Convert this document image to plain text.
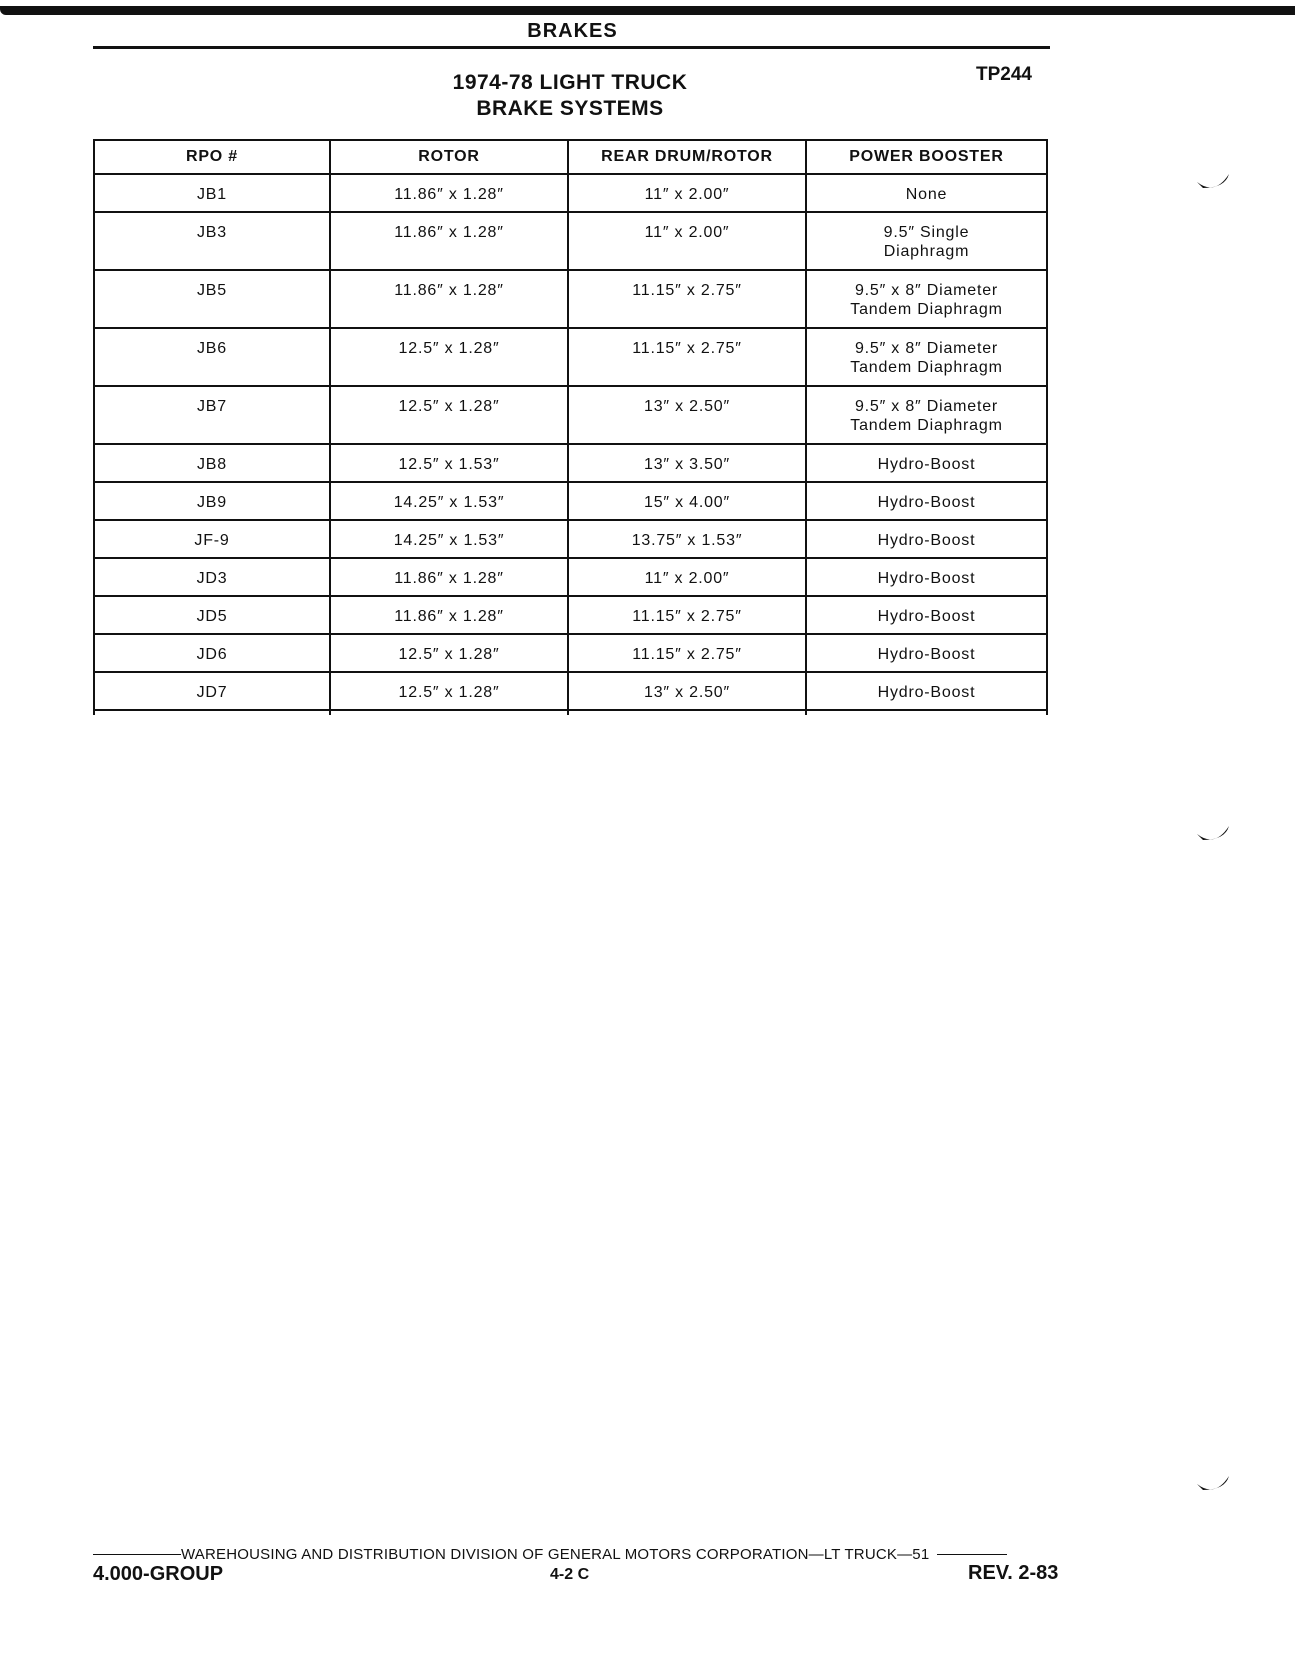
BRAKES
1974-78 LIGHT TRUCK
BRAKE SYSTEMS
TP244
RPO #	ROTOR	REAR DRUM/ROTOR	POWER BOOSTER
JB1	11.86″ x 1.28″	11″ x 2.00″	None

JB3	11.86″ x 1.28″	11″ x 2.00″	9.5″ Single
Diaphragm

JB5	11.86″ x 1.28″	11.15″ x 2.75″	9.5″ x 8″ Diameter
Tandem Diaphragm

JB6	12.5″ x 1.28″	11.15″ x 2.75″	9.5″ x 8″ Diameter
Tandem Diaphragm

JB7	12.5″ x 1.28″	13″ x 2.50″	9.5″ x 8″ Diameter
Tandem Diaphragm

JB8	12.5″ x 1.53″	13″ x 3.50″	Hydro-Boost

JB9	14.25″ x 1.53″	15″ x 4.00″	Hydro-Boost

JF-9	14.25″ x 1.53″	13.75″ x 1.53″	Hydro-Boost

JD3	11.86″ x 1.28″	11″ x 2.00″	Hydro-Boost

JD5	11.86″ x 1.28″	11.15″ x 2.75″	Hydro-Boost

JD6	12.5″ x 1.28″	11.15″ x 2.75″	Hydro-Boost

JD7	12.5″ x 1.28″	13″ x 2.50″	Hydro-Boost

WAREHOUSING AND DISTRIBUTION DIVISION OF GENERAL MOTORS CORPORATION—LT TRUCK—51
4.000-GROUP	4-2 C	REV. 2-83
